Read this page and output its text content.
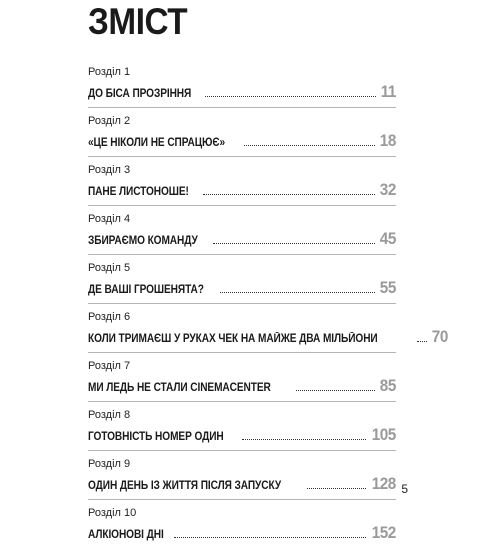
ЗМІСТ
Розділ 1
ДО БІСА ПРОЗРІННЯ	11
Розділ 2
«ЦЕ НІКОЛИ НЕ СПРАЦЮЄ»	18
Розділ 3
ПАНЕ ЛИСТОНОШЕ!	32
Розділ 4
ЗБИРАЄМО КОМАНДУ	45
Розділ 5
ДЕ ВАШІ ГРОШЕНЯТА?	55
Розділ 6
КОЛИ ТРИМАЄШ У РУКАХ ЧЕК НА МАЙЖЕ ДВА МІЛЬЙОНИ	70
Розділ 7
МИ ЛЕДЬ НЕ СТАЛИ CINEMACENTER	85
Розділ 8
ГОТОВНІСТЬ НОМЕР ОДИН	105
Розділ 9
ОДИН ДЕНЬ ІЗ ЖИТТЯ ПІСЛЯ ЗАПУСКУ	128
Розділ 10
АЛКІОНОВІ ДНІ	152
5
